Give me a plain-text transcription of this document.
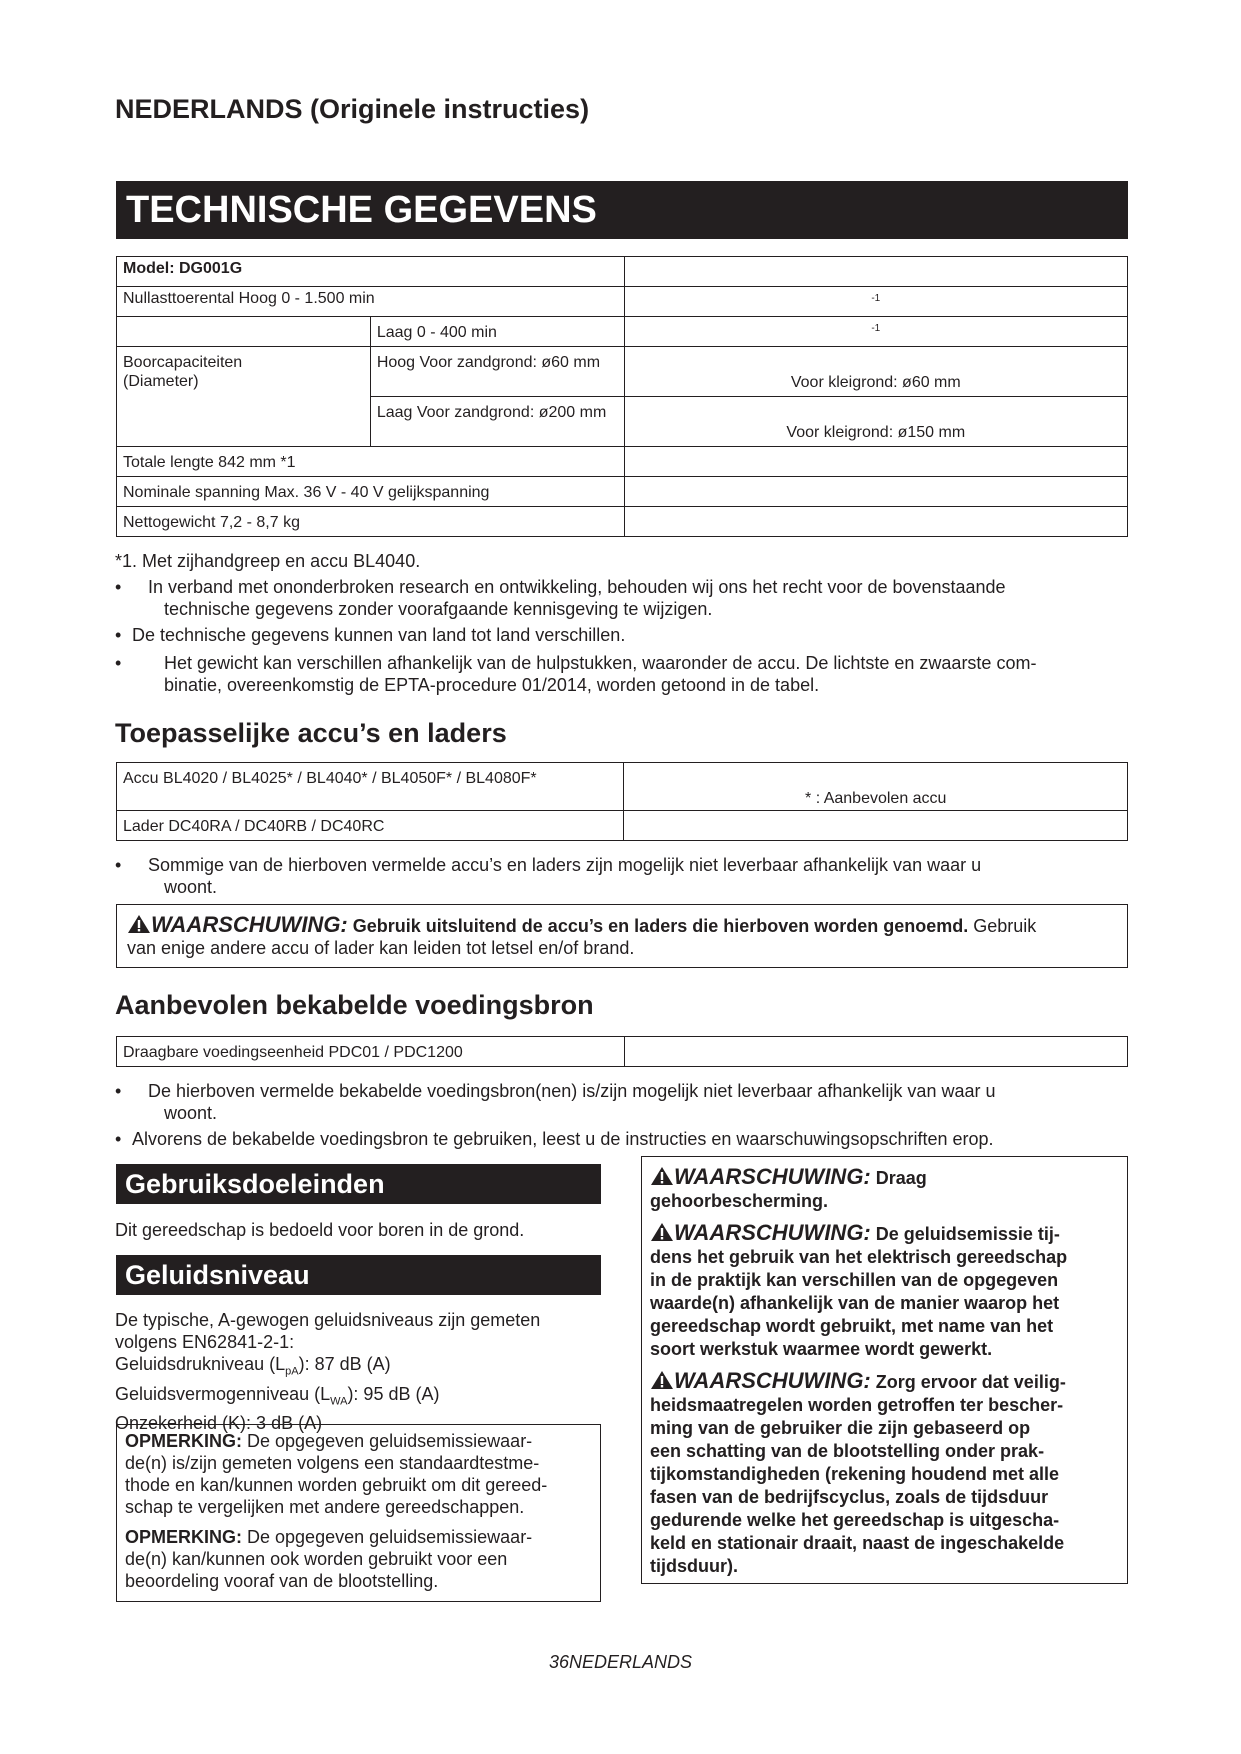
NEDERLANDS (Originele instructies)
TECHNISCHE GEGEVENS
Model: DG001G		
Nullasttoerental Hoog 0 - 1.500 min		$^{-1}$
	Laag 0 - 400 min	$^{-1}$

Boorcapaciteiten
(Diameter)	Hoog Voor zandgrond: ø60 mm	Voor kleigrond: ø60 mm
	Laag Voor zandgrond: ø200 mm	Voor kleigrond: ø150 mm
Totale lengte 842 mm *1		
Nominale spanning Max. 36 V - 40 V gelijkspanning		
Nettogewicht 7,2 - 8,7 kg		
*1. Met zijhandgreep en accu BL4040.
•	In verband met ononderbroken research en ontwikkeling, behouden wij ons het recht voor de bovenstaande
technische gegevens zonder voorafgaande kennisgeving te wijzigen.
• De technische gegevens kunnen van land tot land verschillen.
•	Het gewicht kan verschillen afhankelijk van de hulpstukken, waaronder de accu. De lichtste en zwaarste com-
binatie, overeenkomstig de EPTA-procedure 01/2014, worden getoond in de tabel.
Toepasselijke accu’s en laders
Accu BL4020 / BL4025* / BL4040* / BL4050F* / BL4080F*	* : Aanbevolen accu
Lader DC40RA / DC40RB / DC40RC	
•	Sommige van de hierboven vermelde accu’s en laders zijn mogelijk niet leverbaar afhankelijk van waar u
woont.
WAARSCHUWING: Gebruik uitsluitend de accu’s en laders die hierboven worden genoemd. Gebruik
van enige andere accu of lader kan leiden tot letsel en/of brand.
Aanbevolen bekabelde voedingsbron
Draagbare voedingseenheid PDC01 / PDC1200	
•	De hierboven vermelde bekabelde voedingsbron(nen) is/zijn mogelijk niet leverbaar afhankelijk van waar u
woont.
• Alvorens de bekabelde voedingsbron te gebruiken, leest u de instructies en waarschuwingsopschriften erop.
Gebruiksdoeleinden
Dit gereedschap is bedoeld voor boren in de grond.
Geluidsniveau
De typische, A-gewogen geluidsniveaus zijn gemeten
volgens EN62841-2-1:
Geluidsdrukniveau $(L_{pA})$: 87 dB (A)
Geluidsvermogenniveau $(L_{WA})$: 95 dB (A)
Onzekerheid (K): 3 dB (A)
OPMERKING: De opgegeven geluidsemissiewaar-
de(n) is/zijn gemeten volgens een standaardtestme-
thode en kan/kunnen worden gebruikt om dit gereed-
schap te vergelijken met andere gereedschappen.
OPMERKING: De opgegeven geluidsemissiewaar-
de(n) kan/kunnen ook worden gebruikt voor een
beoordeling vooraf van de blootstelling.
WAARSCHUWING: Draag
gehoorbescherming.
WAARSCHUWING: De geluidsemissie tij-
dens het gebruik van het elektrisch gereedschap
in de praktijk kan verschillen van de opgegeven
waarde(n) afhankelijk van de manier waarop het
gereedschap wordt gebruikt, met name van het
soort werkstuk waarmee wordt gewerkt.
WAARSCHUWING: Zorg ervoor dat veilig-
heidsmaatregelen worden getroffen ter bescher-
ming van de gebruiker die zijn gebaseerd op
een schatting van de blootstelling onder prak-
tijkomstandigheden (rekening houdend met alle
fasen van de bedrijfscyclus, zoals de tijdsduur
gedurende welke het gereedschap is uitgescha-
keld en stationair draait, naast de ingeschakelde
tijdsduur).
36NEDERLANDS
